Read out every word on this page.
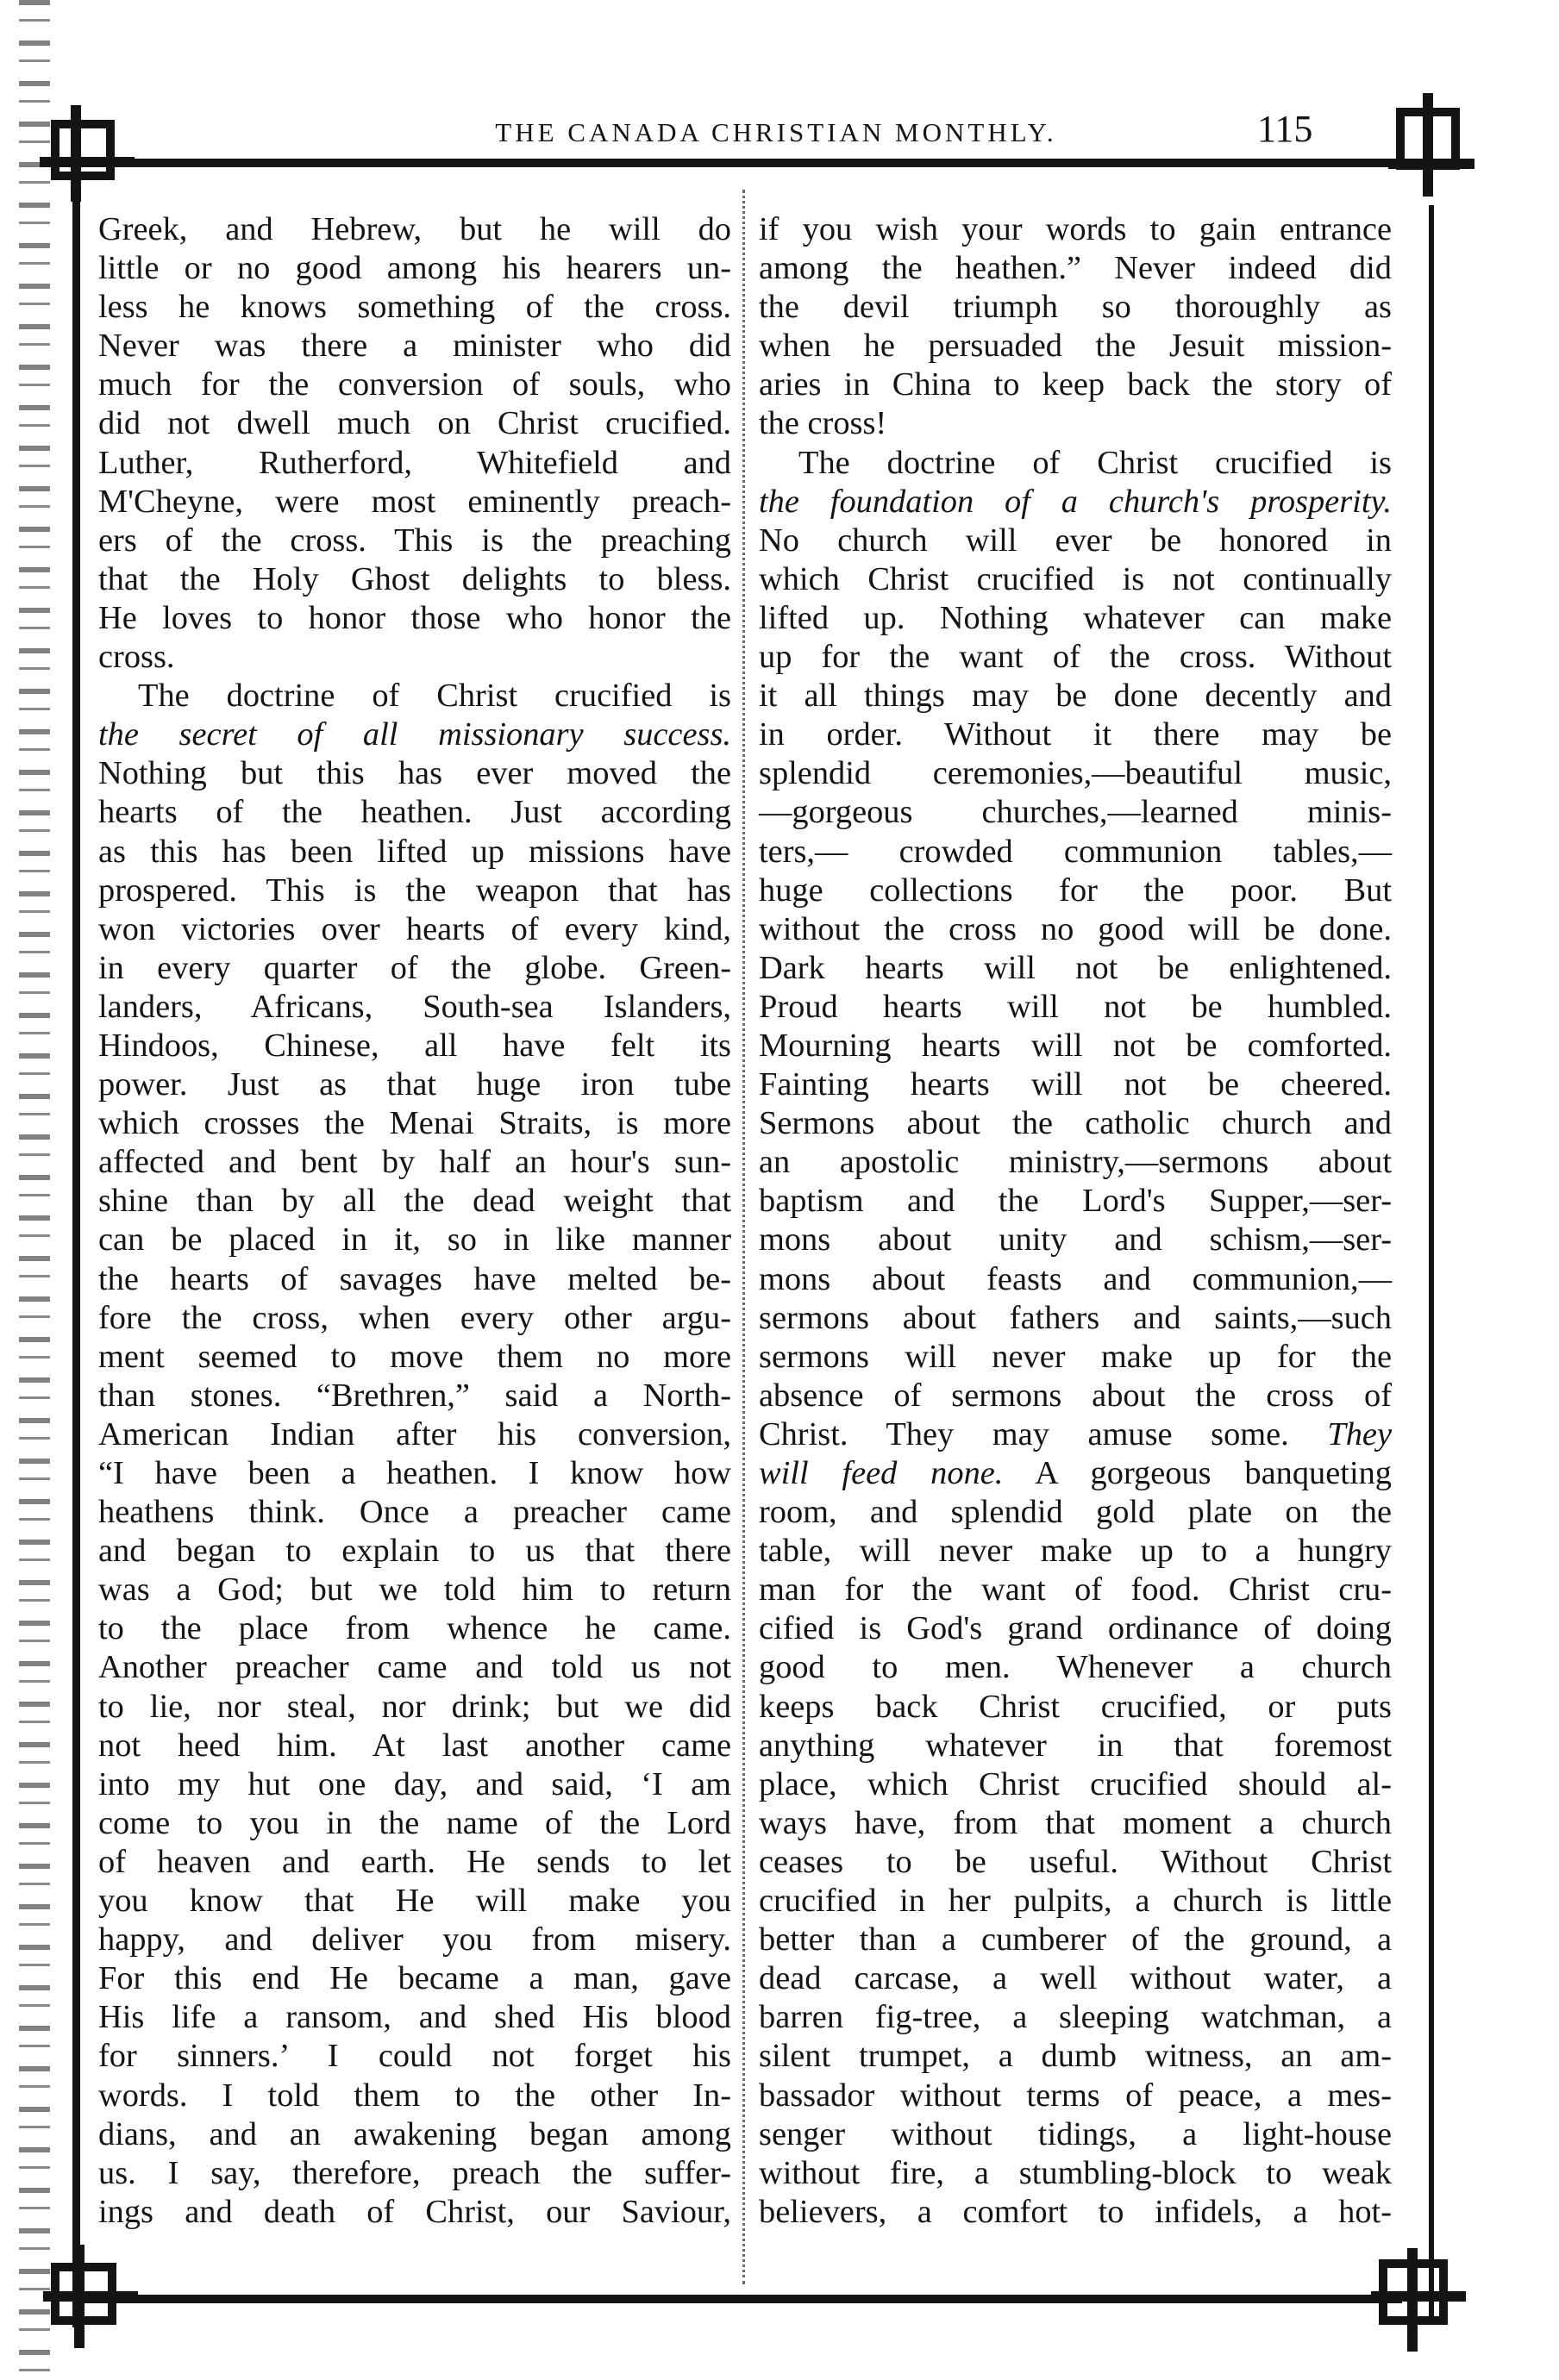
THE CANADA CHRISTIAN MONTHLY.	115
Greek, and Hebrew, but he will do
little or no good among his hearers un-
less he knows something of the cross.
Never was there a minister who did
much for the conversion of souls, who
did not dwell much on Christ crucified.
Luther, Rutherford, Whitefield and
M'Cheyne, were most eminently preach-
ers of the cross. This is the preaching
that the Holy Ghost delights to bless.
He loves to honor those who honor the
cross.
The doctrine of Christ crucified is
the secret of all missionary success.
Nothing but this has ever moved the
hearts of the heathen. Just according
as this has been lifted up missions have
prospered. This is the weapon that has
won victories over hearts of every kind,
in every quarter of the globe. Green-
landers, Africans, South-sea Islanders,
Hindoos, Chinese, all have felt its
power. Just as that huge iron tube
which crosses the Menai Straits, is more
affected and bent by half an hour's sun-
shine than by all the dead weight that
can be placed in it, so in like manner
the hearts of savages have melted be-
fore the cross, when every other argu-
ment seemed to move them no more
than stones. “Brethren,” said a North-
American Indian after his conversion,
“I have been a heathen. I know how
heathens think. Once a preacher came
and began to explain to us that there
was a God; but we told him to return
to the place from whence he came.
Another preacher came and told us not
to lie, nor steal, nor drink; but we did
not heed him. At last another came
into my hut one day, and said, ‘I am
come to you in the name of the Lord
of heaven and earth. He sends to let
you know that He will make you
happy, and deliver you from misery.
For this end He became a man, gave
His life a ransom, and shed His blood
for sinners.’ I could not forget his
words. I told them to the other In-
dians, and an awakening began among
us. I say, therefore, preach the suffer-
ings and death of Christ, our Saviour,
if you wish your words to gain entrance
among the heathen.” Never indeed did
the devil triumph so thoroughly as
when he persuaded the Jesuit mission-
aries in China to keep back the story of
the cross!
The doctrine of Christ crucified is
the foundation of a church's prosperity.
No church will ever be honored in
which Christ crucified is not continually
lifted up. Nothing whatever can make
up for the want of the cross. Without
it all things may be done decently and
in order. Without it there may be
splendid ceremonies,—beautiful music,
—gorgeous churches,—learned minis-
ters,— crowded communion tables,—
huge collections for the poor. But
without the cross no good will be done.
Dark hearts will not be enlightened.
Proud hearts will not be humbled.
Mourning hearts will not be comforted.
Fainting hearts will not be cheered.
Sermons about the catholic church and
an apostolic ministry,—sermons about
baptism and the Lord's Supper,—ser-
mons about unity and schism,—ser-
mons about feasts and communion,—
sermons about fathers and saints,—such
sermons will never make up for the
absence of sermons about the cross of
Christ. They may amuse some. They
will feed none. A gorgeous banqueting
room, and splendid gold plate on the
table, will never make up to a hungry
man for the want of food. Christ cru-
cified is God's grand ordinance of doing
good to men. Whenever a church
keeps back Christ crucified, or puts
anything whatever in that foremost
place, which Christ crucified should al-
ways have, from that moment a church
ceases to be useful. Without Christ
crucified in her pulpits, a church is little
better than a cumberer of the ground, a
dead carcase, a well without water, a
barren fig-tree, a sleeping watchman, a
silent trumpet, a dumb witness, an am-
bassador without terms of peace, a mes-
senger without tidings, a light-house
without fire, a stumbling-block to weak
believers, a comfort to infidels, a hot-
